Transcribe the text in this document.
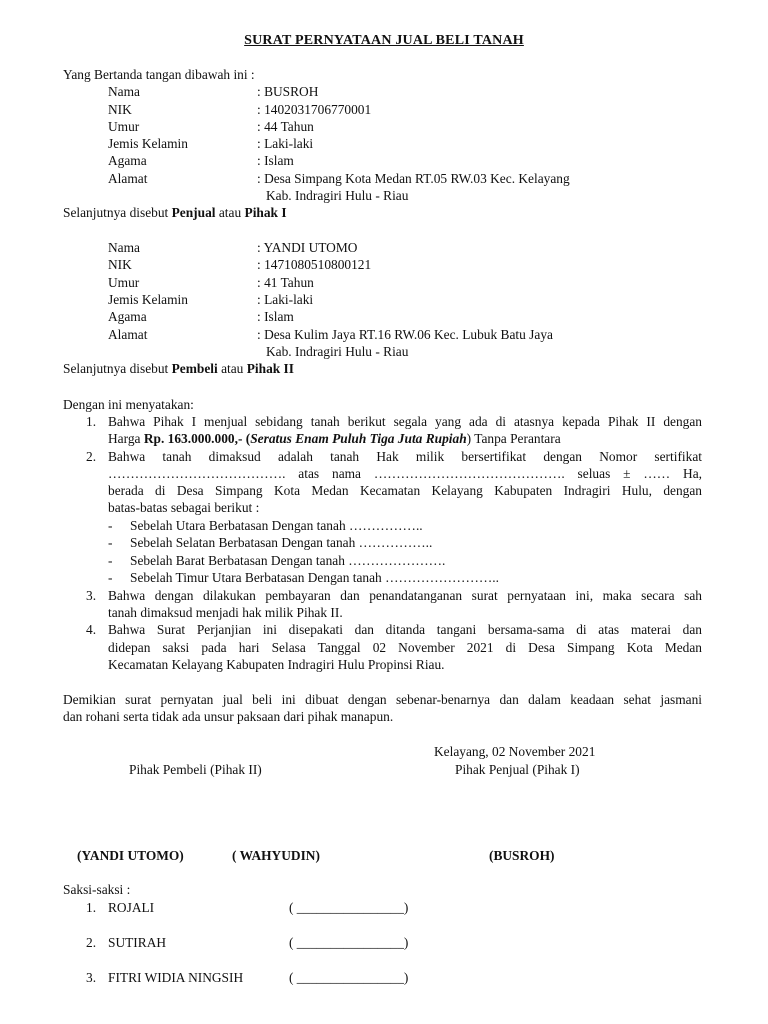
SURAT PERNYATAAN JUAL BELI TANAH
Yang Bertanda tangan dibawah ini :
Nama	: BUSROH
NIK	: 1402031706770001
Umur	: 44 Tahun
Jemis Kelamin	: Laki-laki
Agama	: Islam
Alamat	: Desa Simpang Kota Medan RT.05 RW.03 Kec. Kelayang
Kab. Indragiri Hulu - Riau
Selanjutnya disebut Penjual atau Pihak I
Nama	: YANDI UTOMO
NIK	: 1471080510800121
Umur	: 41 Tahun
Jemis Kelamin	: Laki-laki
Agama	: Islam
Alamat	: Desa Kulim Jaya RT.16 RW.06 Kec. Lubuk Batu Jaya
Kab. Indragiri Hulu - Riau
Selanjutnya disebut Pembeli atau Pihak II
Dengan ini menyatakan:
1. Bahwa Pihak I menjual sebidang tanah berikut segala yang ada di atasnya kepada Pihak II dengan
Harga Rp. 163.000.000,- (Seratus Enam Puluh Tiga Juta Rupiah) Tanpa Perantara
2. Bahwa tanah dimaksud adalah tanah Hak milik bersertifikat dengan Nomor sertifikat
…………………………………. atas nama ……………………………………. seluas ± …… Ha,
berada di Desa Simpang Kota Medan Kecamatan Kelayang Kabupaten Indragiri Hulu, dengan
batas-batas sebagai berikut :
- Sebelah Utara Berbatasan Dengan tanah ……………..
- Sebelah Selatan Berbatasan Dengan tanah ……………..
- Sebelah Barat Berbatasan Dengan tanah ………………….
- Sebelah Timur Utara Berbatasan Dengan tanah ……………………..
3. Bahwa dengan dilakukan pembayaran dan penandatanganan surat pernyataan ini, maka secara sah
tanah dimaksud menjadi hak milik Pihak II.
4. Bahwa Surat Perjanjian ini disepakati dan ditanda tangani bersama-sama di atas materai dan
didepan saksi pada hari Selasa Tanggal 02 November 2021 di Desa Simpang Kota Medan
Kecamatan Kelayang Kabupaten Indragiri Hulu Propinsi Riau.
Demikian surat pernyatan jual beli ini dibuat dengan sebenar-benarnya dan dalam keadaan sehat jasmani
dan rohani serta tidak ada unsur paksaan dari pihak manapun.
Kelayang, 02 November 2021
Pihak Pembeli (Pihak II)	Pihak Penjual (Pihak I)
(YANDI UTOMO)	( WAHYUDIN)	(BUSROH)
Saksi-saksi :
1. ROJALI	( ________________)
2. SUTIRAH	( ________________)
3. FITRI WIDIA NINGSIH	( ________________)
